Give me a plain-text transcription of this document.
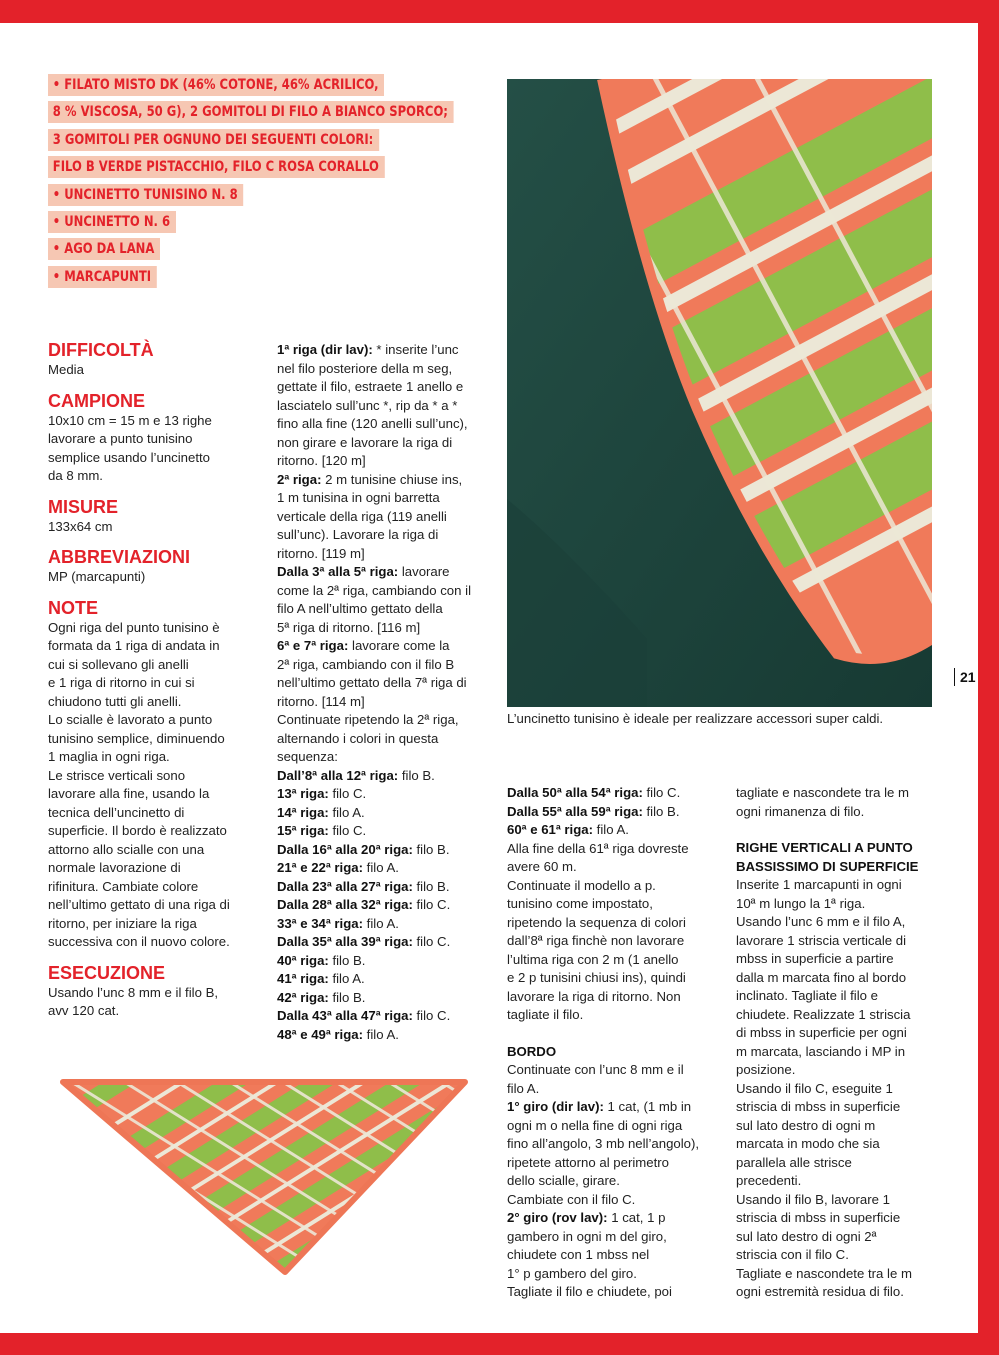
• FILATO MISTO DK (46% COTONE, 46% ACRILICO,
8 % VISCOSA, 50 G), 2 GOMITOLI DI FILO A BIANCO SPORCO;
3 GOMITOLI PER OGNUNO DEI SEGUENTI COLORI:
FILO B VERDE PISTACCHIO, FILO C ROSA CORALLO
• UNCINETTO TUNISINO N. 8
• UNCINETTO N. 6
• AGO DA LANA
• MARCAPUNTI
DIFFICOLTÀ

Media

CAMPIONE

10x10 cm = 15 m e 13 righe

lavorare a punto tunisino

semplice usando l’uncinetto

da 8 mm.

MISURE

133x64 cm

ABBREVIAZIONI

MP (marcapunti)

NOTE

Ogni riga del punto tunisino è

formata da 1 riga di andata in

cui si sollevano gli anelli

e 1 riga di ritorno in cui si

chiudono tutti gli anelli.

Lo scialle è lavorato a punto

tunisino semplice, diminuendo

1 maglia in ogni riga.

Le strisce verticali sono

lavorare alla fine, usando la

tecnica dell’uncinetto di

superficie. Il bordo è realizzato

attorno allo scialle con una

normale lavorazione di

rifinitura. Cambiate colore

nell’ultimo gettato di una riga di

ritorno, per iniziare la riga

successiva con il nuovo colore.

ESECUZIONE

Usando l’unc 8 mm e il filo B,

avv 120 cat.

1ª riga (dir lav): * inserite l’unc

nel filo posteriore della m seg,

gettate il filo, estraete 1 anello e

lasciatelo sull’unc *, rip da * a *

fino alla fine (120 anelli sull’unc),

non girare e lavorare la riga di

ritorno. [120 m]

2ª riga: 2 m tunisine chiuse ins,

1 m tunisina in ogni barretta

verticale della riga (119 anelli

sull’unc). Lavorare la riga di

ritorno. [119 m]

Dalla 3ª alla 5ª riga: lavorare

come la 2ª riga, cambiando con il

filo A nell’ultimo gettato della

5ª riga di ritorno. [116 m]

6ª e 7ª riga: lavorare come la

2ª riga, cambiando con il filo B

nell’ultimo gettato della 7ª riga di

ritorno. [114 m]

Continuate ripetendo la 2ª riga,

alternando i colori in questa

sequenza:

Dall’8ª alla 12ª riga: filo B.

13ª riga: filo C.

14ª riga: filo A.

15ª riga: filo C.

Dalla 16ª alla 20ª riga: filo B.

21ª e 22ª riga: filo A.

Dalla 23ª alla 27ª riga: filo B.

Dalla 28ª alla 32ª riga: filo C.

33ª e 34ª riga: filo A.

Dalla 35ª alla 39ª riga: filo C.

40ª riga: filo B.

41ª riga: filo A.

42ª riga: filo B.

Dalla 43ª alla 47ª riga: filo C.

48ª e 49ª riga: filo A.

L’uncinetto tunisino è ideale per realizzare accessori super caldi.
21

Dalla 50ª alla 54ª riga: filo C.

Dalla 55ª alla 59ª riga: filo B.

60ª e 61ª riga: filo A.

Alla fine della 61ª riga dovreste

avere 60 m.

Continuate il modello a p.

tunisino come impostato,

ripetendo la sequenza di colori

dall’8ª riga finchè non lavorare

l’ultima riga con 2 m (1 anello

e 2 p tunisini chiusi ins), quindi

lavorare la riga di ritorno. Non

tagliate il filo.

BORDO

Continuate con l’unc 8 mm e il

filo A.

1° giro (dir lav): 1 cat, (1 mb in

ogni m o nella fine di ogni riga

fino all’angolo, 3 mb nell’angolo),

ripetete attorno al perimetro

dello scialle, girare.

Cambiate con il filo C.

2° giro (rov lav): 1 cat, 1 p

gambero in ogni m del giro,

chiudete con 1 mbss nel

1° p gambero del giro.

Tagliate il filo e chiudete, poi

tagliate e nascondete tra le m

ogni rimanenza di filo.

RIGHE VERTICALI A PUNTO

BASSISSIMO DI SUPERFICIE

Inserite 1 marcapunti in ogni

10ª m lungo la 1ª riga.

Usando l’unc 6 mm e il filo A,

lavorare 1 striscia verticale di

mbss in superficie a partire

dalla m marcata fino al bordo

inclinato. Tagliate il filo e

chiudete. Realizzate 1 striscia

di mbss in superficie per ogni

m marcata, lasciando i MP in

posizione.

Usando il filo C, eseguite 1

striscia di mbss in superficie

sul lato destro di ogni m

marcata in modo che sia

parallela alle strisce

precedenti.

Usando il filo B, lavorare 1

striscia di mbss in superficie

sul lato destro di ogni 2ª

striscia con il filo C.

Tagliate e nascondete tra le m

ogni estremità residua di filo.
